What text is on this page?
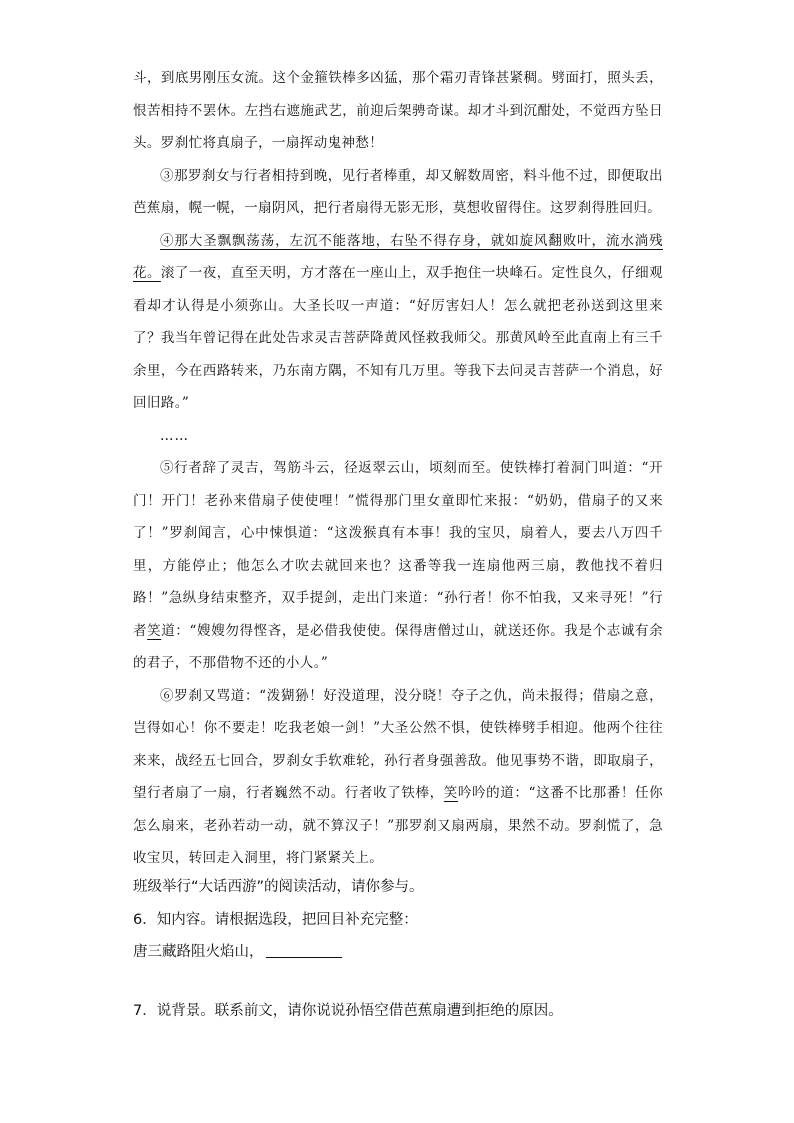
斗，到底男刚压女流。这个金箍铁棒多凶猛，那个霜刃青锋甚紧稠。劈面打，照头丢，恨苦相持不罢休。左挡右遮施武艺，前迎后架骋奇谋。却才斗到沉酣处，不觉西方坠日头。罗刹忙将真扇子，一扇挥动鬼神愁！

③那罗刹女与行者相持到晚，见行者棒重，却又解数周密，料斗他不过，即便取出芭蕉扇，幌一幌，一扇阴风，把行者扇得无影无形，莫想收留得住。这罗刹得胜回归。

④那大圣飘飘荡荡，左沉不能落地，右坠不得存身，就如旋风翻败叶，流水淌残花。滚了一夜，直至天明，方才落在一座山上，双手抱住一块峰石。定性良久，仔细观看却才认得是小须弥山。大圣长叹一声道：“好厉害妇人！怎么就把老孙送到这里来了？我当年曾记得在此处告求灵吉菩萨降黄风怪救我师父。那黄风岭至此直南上有三千余里，今在西路转来，乃东南方隅，不知有几万里。等我下去问灵吉菩萨一个消息，好回旧路。”

……

⑤行者辞了灵吉，驾筋斗云，径返翠云山，顷刻而至。使铁棒打着洞门叫道：“开门！开门！老孙来借扇子使使哩！”慌得那门里女童即忙来报：“奶奶，借扇子的又来了！”罗刹闻言，心中悚惧道：“这泼猴真有本事！我的宝贝，扇着人，要去八万四千里，方能停止；他怎么才吹去就回来也？这番等我一连扇他两三扇，教他找不着归路！”急纵身结束整齐，双手提剑，走出门来道：“孙行者！你不怕我，又来寻死！”行者笑道：“嫂嫂勿得悭吝，是必借我使使。保得唐僧过山，就送还你。我是个志诚有余的君子，不那借物不还的小人。”

⑥罗刹又骂道：“泼猢狲！好没道理，没分晓！夺子之仇，尚未报得；借扇之意，岂得如心！你不要走！吃我老娘一剑！”大圣公然不惧，使铁棒劈手相迎。他两个往往来来，战经五七回合，罗刹女手软难轮，孙行者身强善敌。他见事势不谐，即取扇子，望行者扇了一扇，行者巍然不动。行者收了铁棒，笑吟吟的道：“这番不比那番！任你怎么扇来，老孙若动一动，就不算汉子！”那罗刹又扇两扇，果然不动。罗刹慌了，急收宝贝，转回走入洞里，将门紧紧关上。

班级举行“大话西游”的阅读活动，请你参与。
6．知内容。请根据选段，把回目补充完整：
唐三藏路阻火焰山，
7．说背景。联系前文，请你说说孙悟空借芭蕉扇遭到拒绝的原因。
